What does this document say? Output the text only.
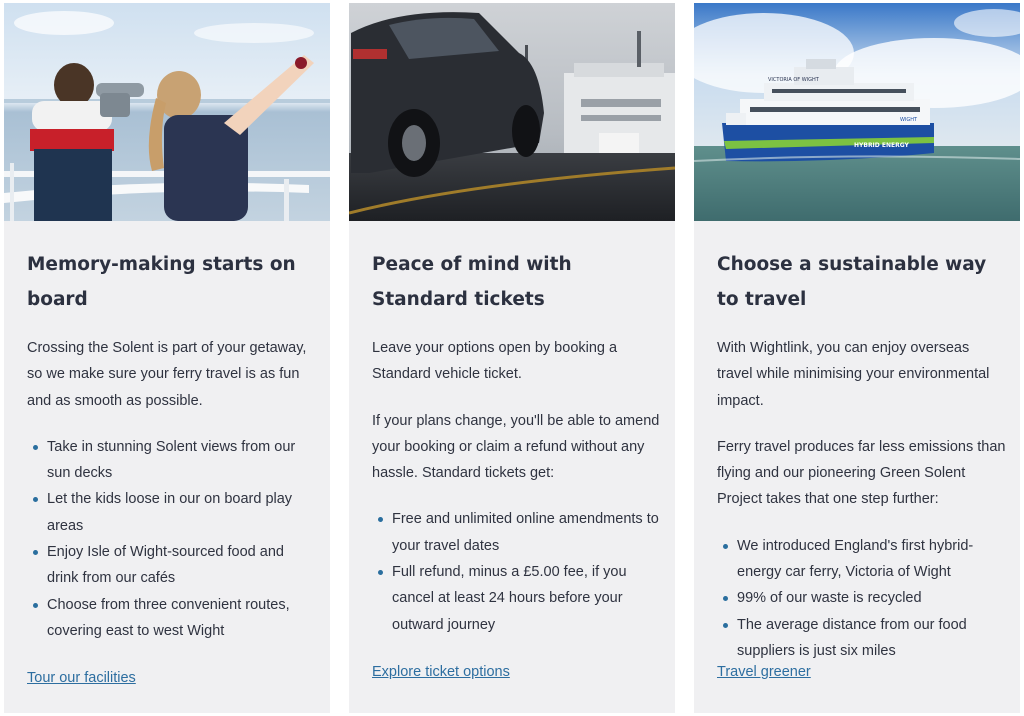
Memory-making starts on board

Crossing the Solent is part of your getaway, so we make sure your ferry travel is as fun and as smooth as possible.

Take in stunning Solent views from our sun decks
Let the kids loose in our on board play areas
Enjoy Isle of Wight-sourced food and drink from our cafés
Choose from three convenient routes, covering east to west Wight
Tour our facilities
Peace of mind with Standard tickets

Leave your options open by booking a Standard vehicle ticket.

If your plans change, you'll be able to amend your booking or claim a refund without any hassle. Standard tickets get:

Free and unlimited online amendments to your travel dates
Full refund, minus a £5.00 fee, if you cancel at least 24 hours before your outward journey
Explore ticket options
VICTORIA OF WIGHT
HYBRID ENERGY
WIGHT
Choose a sustainable way to travel

With Wightlink, you can enjoy overseas travel while minimising your environmental impact.

Ferry travel produces far less emissions than flying and our pioneering Green Solent Project takes that one step further:

We introduced England's first hybrid-energy car ferry, Victoria of Wight
99% of our waste is recycled
The average distance from our food suppliers is just six miles
Travel greener
